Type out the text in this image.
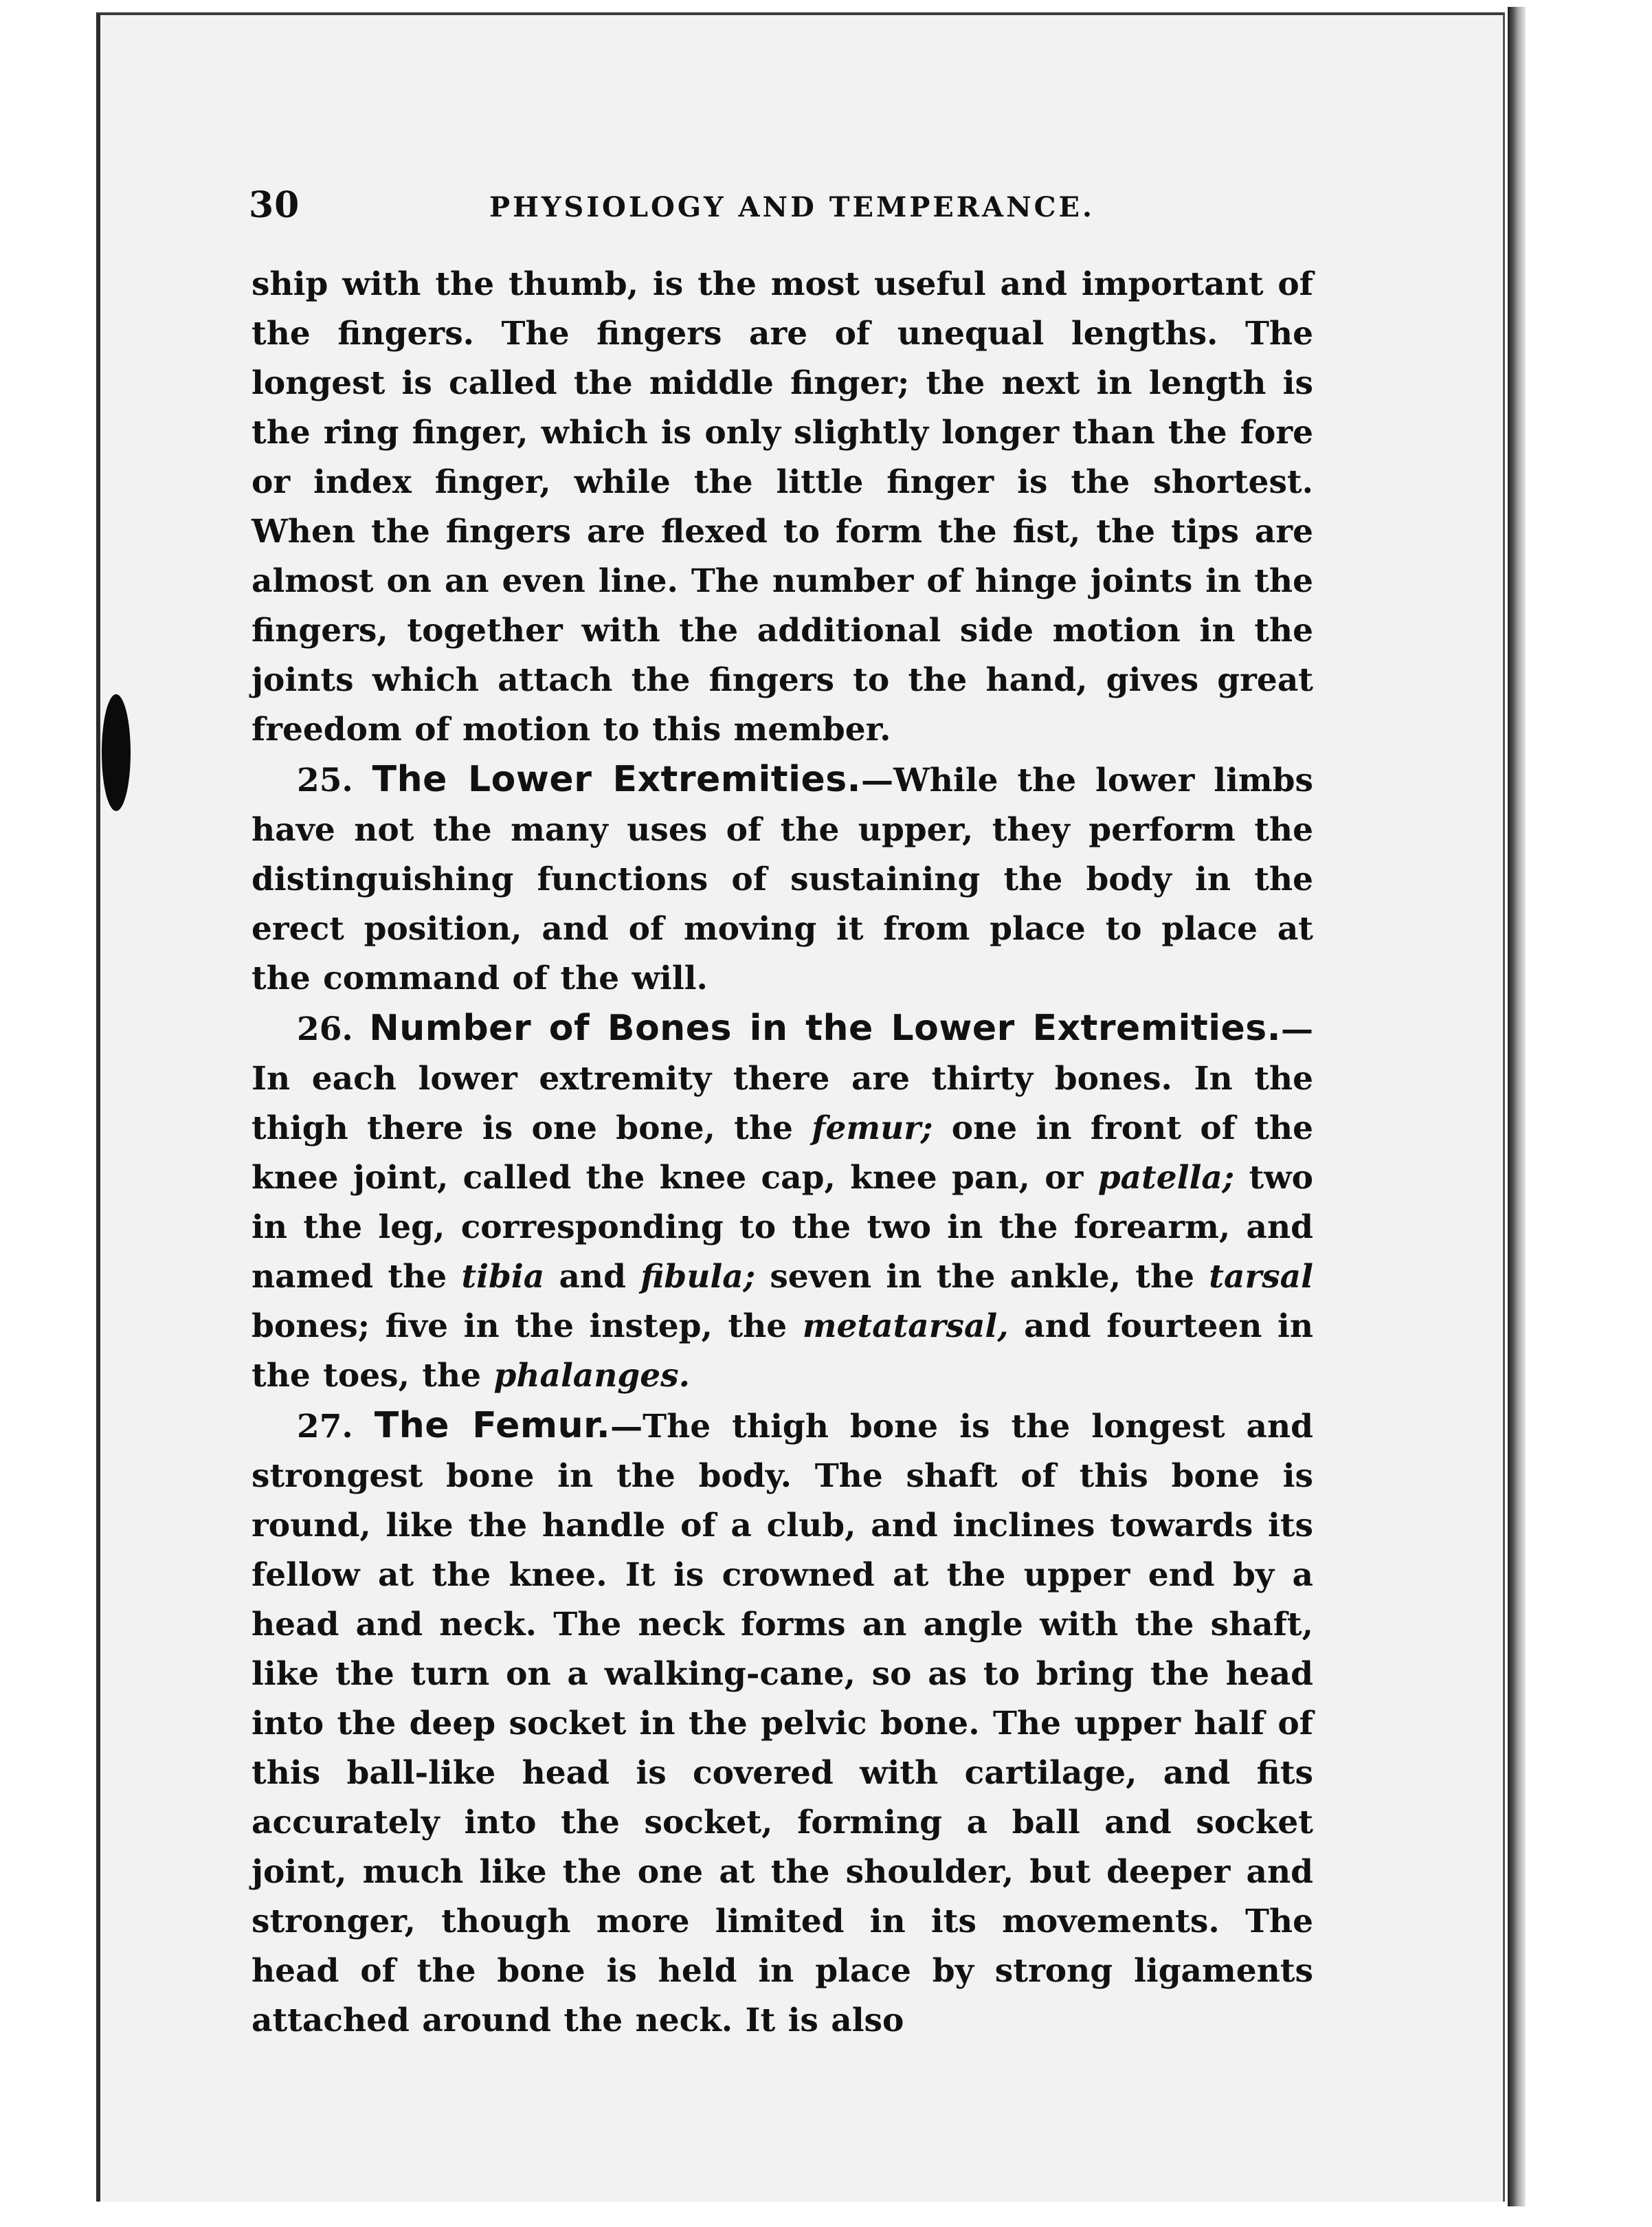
30	PHYSIOLOGY AND TEMPERANCE.

ship with the thumb, is the most useful and important of the fingers. The fingers are of unequal lengths. The longest is called the middle finger; the next in length is the ring finger, which is only slightly longer than the fore or index finger, while the little finger is the shortest. When the fingers are flexed to form the fist, the tips are almost on an even line. The number of hinge joints in the fingers, together with the additional side motion in the joints which attach the fingers to the hand, gives great freedom of motion to this member.

25. The Lower Extremities.—While the lower limbs have not the many uses of the upper, they perform the distinguishing functions of sustaining the body in the erect position, and of moving it from place to place at the command of the will.

26. Number of Bones in the Lower Extremities.— In each lower extremity there are thirty bones. In the thigh there is one bone, the femur; one in front of the knee joint, called the knee cap, knee pan, or patella; two in the leg, corresponding to the two in the forearm, and named the tibia and fibula; seven in the ankle, the tarsal bones; five in the instep, the metatarsal, and fourteen in the toes, the phalanges.

27. The Femur.—The thigh bone is the longest and strongest bone in the body. The shaft of this bone is round, like the handle of a club, and inclines towards its fellow at the knee. It is crowned at the upper end by a head and neck. The neck forms an angle with the shaft, like the turn on a walking-cane, so as to bring the head into the deep socket in the pelvic bone. The upper half of this ball-like head is covered with cartilage, and fits accurately into the socket, forming a ball and socket joint, much like the one at the shoulder, but deeper and stronger, though more limited in its movements. The head of the bone is held in place by strong ligaments attached around the neck. It is also
